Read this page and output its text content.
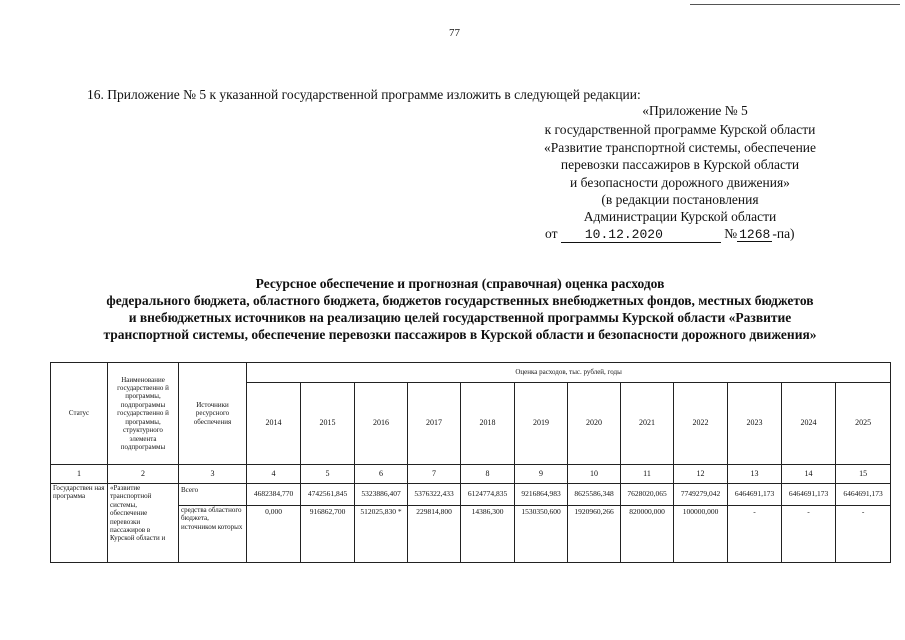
77
16. Приложение № 5 к указанной государственной программе изложить в следующей редакции:
«Приложение № 5
к государственной программе Курской области
«Развитие транспортной системы, обеспечение
перевозки пассажиров в Курской области
и безопасности дорожного движения»
(в редакции постановления
Администрации Курской области
от 10.12.2020	№ 1268 -па)
Ресурсное обеспечение и прогнозная (справочная) оценка расходов
федерального бюджета, областного бюджета, бюджетов государственных внебюджетных фондов, местных бюджетов
и внебюджетных источников на реализацию целей государственной программы Курской области «Развитие
транспортной системы, обеспечение перевозки пассажиров в Курской области и безопасности дорожного движения»
Статус	Наименование государственно й программы, подпрограммы государственно й программы, структурного элемента подпрограммы	Источники ресурсного обеспечения	Оценка расходов, тыс. рублей, годы											
			2014	2015	2016	2017	2018	2019	2020	2021	2022	2023	2024	2025
1	2	3	4	5	6	7	8	9	10	11	12	13	14	15
Государствен ная программа	«Развитие транспортной системы, обеспечение перевозки пассажиров в Курской области и	Всего	4682384,770	4742561,845	5323886,407	5376322,433	6124774,835	9216864,983	8625586,348	7628020,065	7749279,042	6464691,173	6464691,173	6464691,173
		средства областного бюджета, источником которых	0,000	916862,700	512025,830 *	229814,800	14386,300	1530350,600	1920960,266	820000,000	100000,000	-	-	-
